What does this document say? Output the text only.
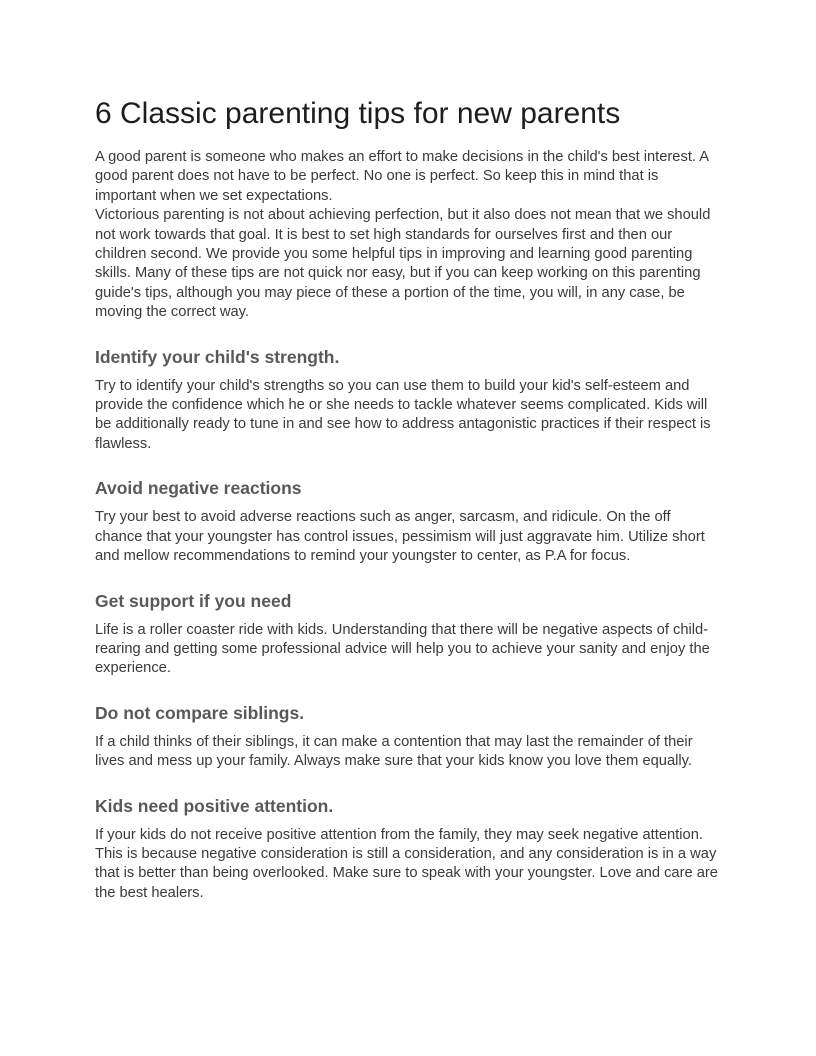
6 Classic parenting tips for new parents

A good parent is someone who makes an effort to make decisions in the child's best interest. A good parent does not have to be perfect. No one is perfect. So keep this in mind that is important when we set expectations.

Victorious parenting is not about achieving perfection, but it also does not mean that we should not work towards that goal. It is best to set high standards for ourselves first and then our children second. We provide you some helpful tips in improving and learning good parenting skills. Many of these tips are not quick nor easy, but if you can keep working on this parenting guide's tips, although you may piece of these a portion of the time, you will, in any case, be moving the correct way.

Identify your child's strength.

Try to identify your child's strengths so you can use them to build your kid's self-esteem and provide the confidence which he or she needs to tackle whatever seems complicated. Kids will be additionally ready to tune in and see how to address antagonistic practices if their respect is flawless.

Avoid negative reactions

Try your best to avoid adverse reactions such as anger, sarcasm, and ridicule. On the off chance that your youngster has control issues, pessimism will just aggravate him. Utilize short and mellow recommendations to remind your youngster to center, as P.A for focus.

Get support if you need

Life is a roller coaster ride with kids. Understanding that there will be negative aspects of child-rearing and getting some professional advice will help you to achieve your sanity and enjoy the experience.

Do not compare siblings.

If a child thinks of their siblings, it can make a contention that may last the remainder of their lives and mess up your family. Always make sure that your kids know you love them equally.

Kids need positive attention.

If your kids do not receive positive attention from the family, they may seek negative attention. This is because negative consideration is still a consideration, and any consideration is in a way that is better than being overlooked. Make sure to speak with your youngster. Love and care are the best healers.
